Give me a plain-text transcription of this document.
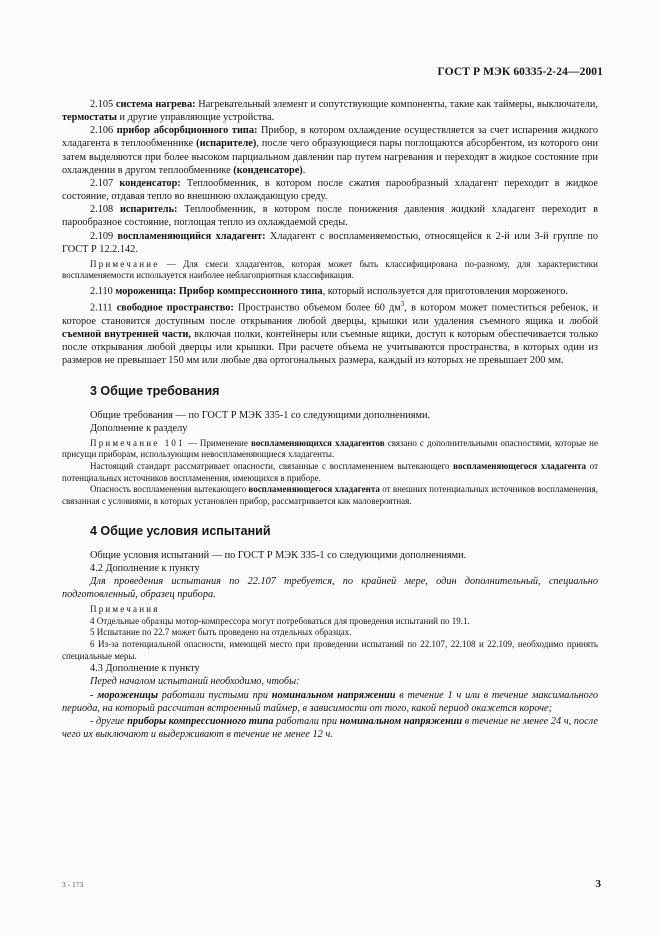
ГОСТ Р МЭК 60335-2-24—2001

2.105 система нагрева: Нагревательный элемент и сопутствующие компоненты, такие как таймеры, выключатели, термостаты и другие управляющие устройства.

2.106 прибор абсорбционного типа: Прибор, в котором охлаждение осуществляется за счет испарения жидкого хладагента в теплообменнике (испарителе), после чего образующиеся пары поглощаются абсорбентом, из которого они затем выделяются при более высоком парциальном давлении пар путем нагревания и переходят в жидкое состояние при охлаждении в другом теплообменнике (конденсаторе).

2.107 конденсатор: Теплообменник, в котором после сжатия парообразный хладагент переходит в жидкое состояние, отдавая тепло во внешнюю охлаждающую среду.

2.108 испаритель: Теплообменник, в котором после понижения давления жидкий хладагент переходит в парообразное состояние, поглощая тепло из охлаждаемой среды.

2.109 воспламеняющийся хладагент: Хладагент с воспламеняемостью, относящейся к 2-й или 3-й группе по ГОСТ Р 12.2.142.

Примечание — Для смеси хладагентов, которая может быть классифицирована по-разному, для характеристики воспламеняемости используется наиболее неблагоприятная классификация.

2.110 мороженица: Прибор компрессионного типа, который используется для приготовления мороженого.

2.111 свободное пространство: Пространство объемом более 60 $дм^3$, в котором может поместиться ребенок, и которое становится доступным после открывания любой дверцы, крышки или удаления съемного ящика и любой съемной внутренней части, включая полки, контейнеры или съемные ящики, доступ к которым обеспечивается только после открывания любой дверцы или крышки. При расчете объема не учитываются пространства, в которых один из размеров не превышает 150 мм или любые два ортогональных размера, каждый из которых не превышает 200 мм.

3 Общие требования

Общие требования — по ГОСТ Р МЭК 335-1 со следующими дополнениями.

Дополнение к разделу

Примечание 101 — Применение воспламеняющихся хладагентов связано с дополнительными опасностями, которые не присущи приборам, использующим невоспламеняющиеся хладагенты.

Настоящий стандарт рассматривает опасности, связанные с воспламенением вытекающего воспламеняющегося хладагента от потенциальных источников воспламенения, имеющихся в приборе.

Опасность воспламенения вытекающего воспламеняющегося хладагента от внешних потенциальных источников воспламенения, связанная с условиями, в которых установлен прибор, рассматривается как маловероятная.

4 Общие условия испытаний

Общие условия испытаний — по ГОСТ Р МЭК 335-1 со следующими дополнениями.

4.2 Дополнение к пункту

Для проведения испытания по 22.107 требуется, по крайней мере, один дополнительный, специально подготовленный, образец прибора.

Примечания

4 Отдельные образцы мотор-компрессора могут потребоваться для проведения испытаний по 19.1.

5 Испытание по 22.7 может быть проведено на отдельных образцах.

6 Из-за потенциальной опасности, имеющей место при проведении испытаний по 22.107, 22.108 и 22.109, необходимо принять специальные меры.

4.3 Дополнение к пункту

Перед началом испытаний необходимо, чтобы:

- мороженицы работали пустыми при номинальном напряжении в течение 1 ч или в течение максимального периода, на который рассчитан встроенный таймер, в зависимости от того, какой период окажется короче;

- другие приборы компрессионного типа работали при номинальном напряжении в течение не менее 24 ч, после чего их выключают и выдерживают в течение не менее 12 ч.

3 - 173	3
